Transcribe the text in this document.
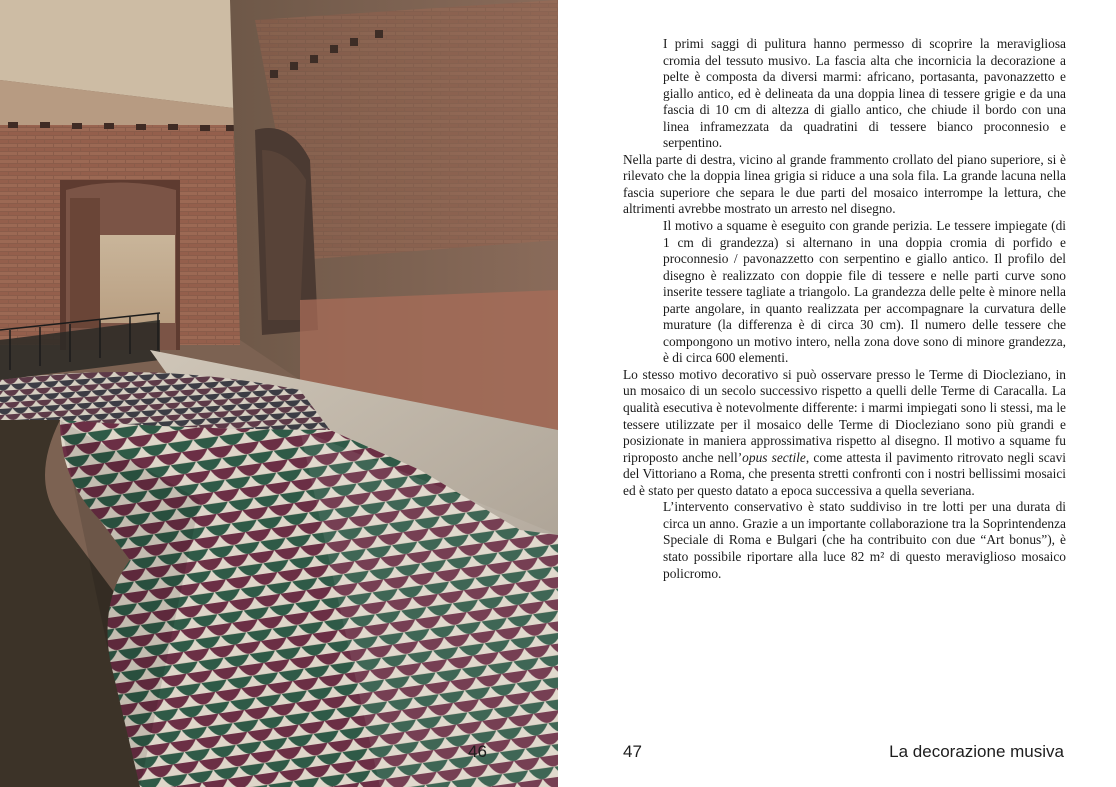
46

I primi saggi di pulitura hanno permesso di scoprire la meravigliosa cromia del tessuto musivo. La fascia alta che incornicia la decorazione a pelte è composta da diversi marmi: africano, portasanta, pavonazzetto e giallo antico, ed è delineata da una doppia linea di tessere grigie e da una fascia di 10 cm di altezza di giallo antico, che chiude il bordo con una linea inframezzata da quadratini di tessere bianco proconnesio e serpentino.

Nella parte di destra, vicino al grande frammento crollato del piano superiore, si è rilevato che la doppia linea grigia si riduce a una sola fila. La grande lacuna nella fascia superiore che separa le due parti del mosaico interrompe la lettura, che altrimenti avrebbe mostrato un arresto nel disegno.

Il motivo a squame è eseguito con grande perizia. Le tessere impiegate (di 1 cm di grandezza) si alternano in una doppia cromia di porfido e proconnesio / pavonazzetto con serpentino e giallo antico. Il profilo del disegno è realizzato con doppie file di tessere e nelle parti curve sono inserite tessere tagliate a triangolo. La grandezza delle pelte è minore nella parte angolare, in quanto realizzata per accompagnare la curvatura delle murature (la differenza è di circa 30 cm). Il numero delle tessere che compongono un motivo intero, nella zona dove sono di minore grandezza, è di circa 600 elementi.

Lo stesso motivo decorativo si può osservare presso le Terme di Diocleziano, in un mosaico di un secolo successivo rispetto a quelli delle Terme di Caracalla. La qualità esecutiva è notevolmente differente: i marmi impiegati sono li stessi, ma le tessere utilizzate per il mosaico delle Terme di Diocleziano sono più grandi e posizionate in maniera approssimativa rispetto al disegno. Il motivo a squame fu riproposto anche nell’opus sectile, come attesta il pavimento ritrovato negli scavi del Vittoriano a Roma, che presenta stretti confronti con i nostri bellissimi mosaici ed è stato per questo datato a epoca successiva a quella severiana.

L’intervento conservativo è stato suddiviso in tre lotti per una durata di circa un anno. Grazie a un importante collaborazione tra la Soprintendenza Speciale di Roma e Bulgari (che ha contribuito con due “Art bonus”), è stato possibile riportare alla luce 82 m² di questo meraviglioso mosaico policromo.

47	La decorazione musiva
